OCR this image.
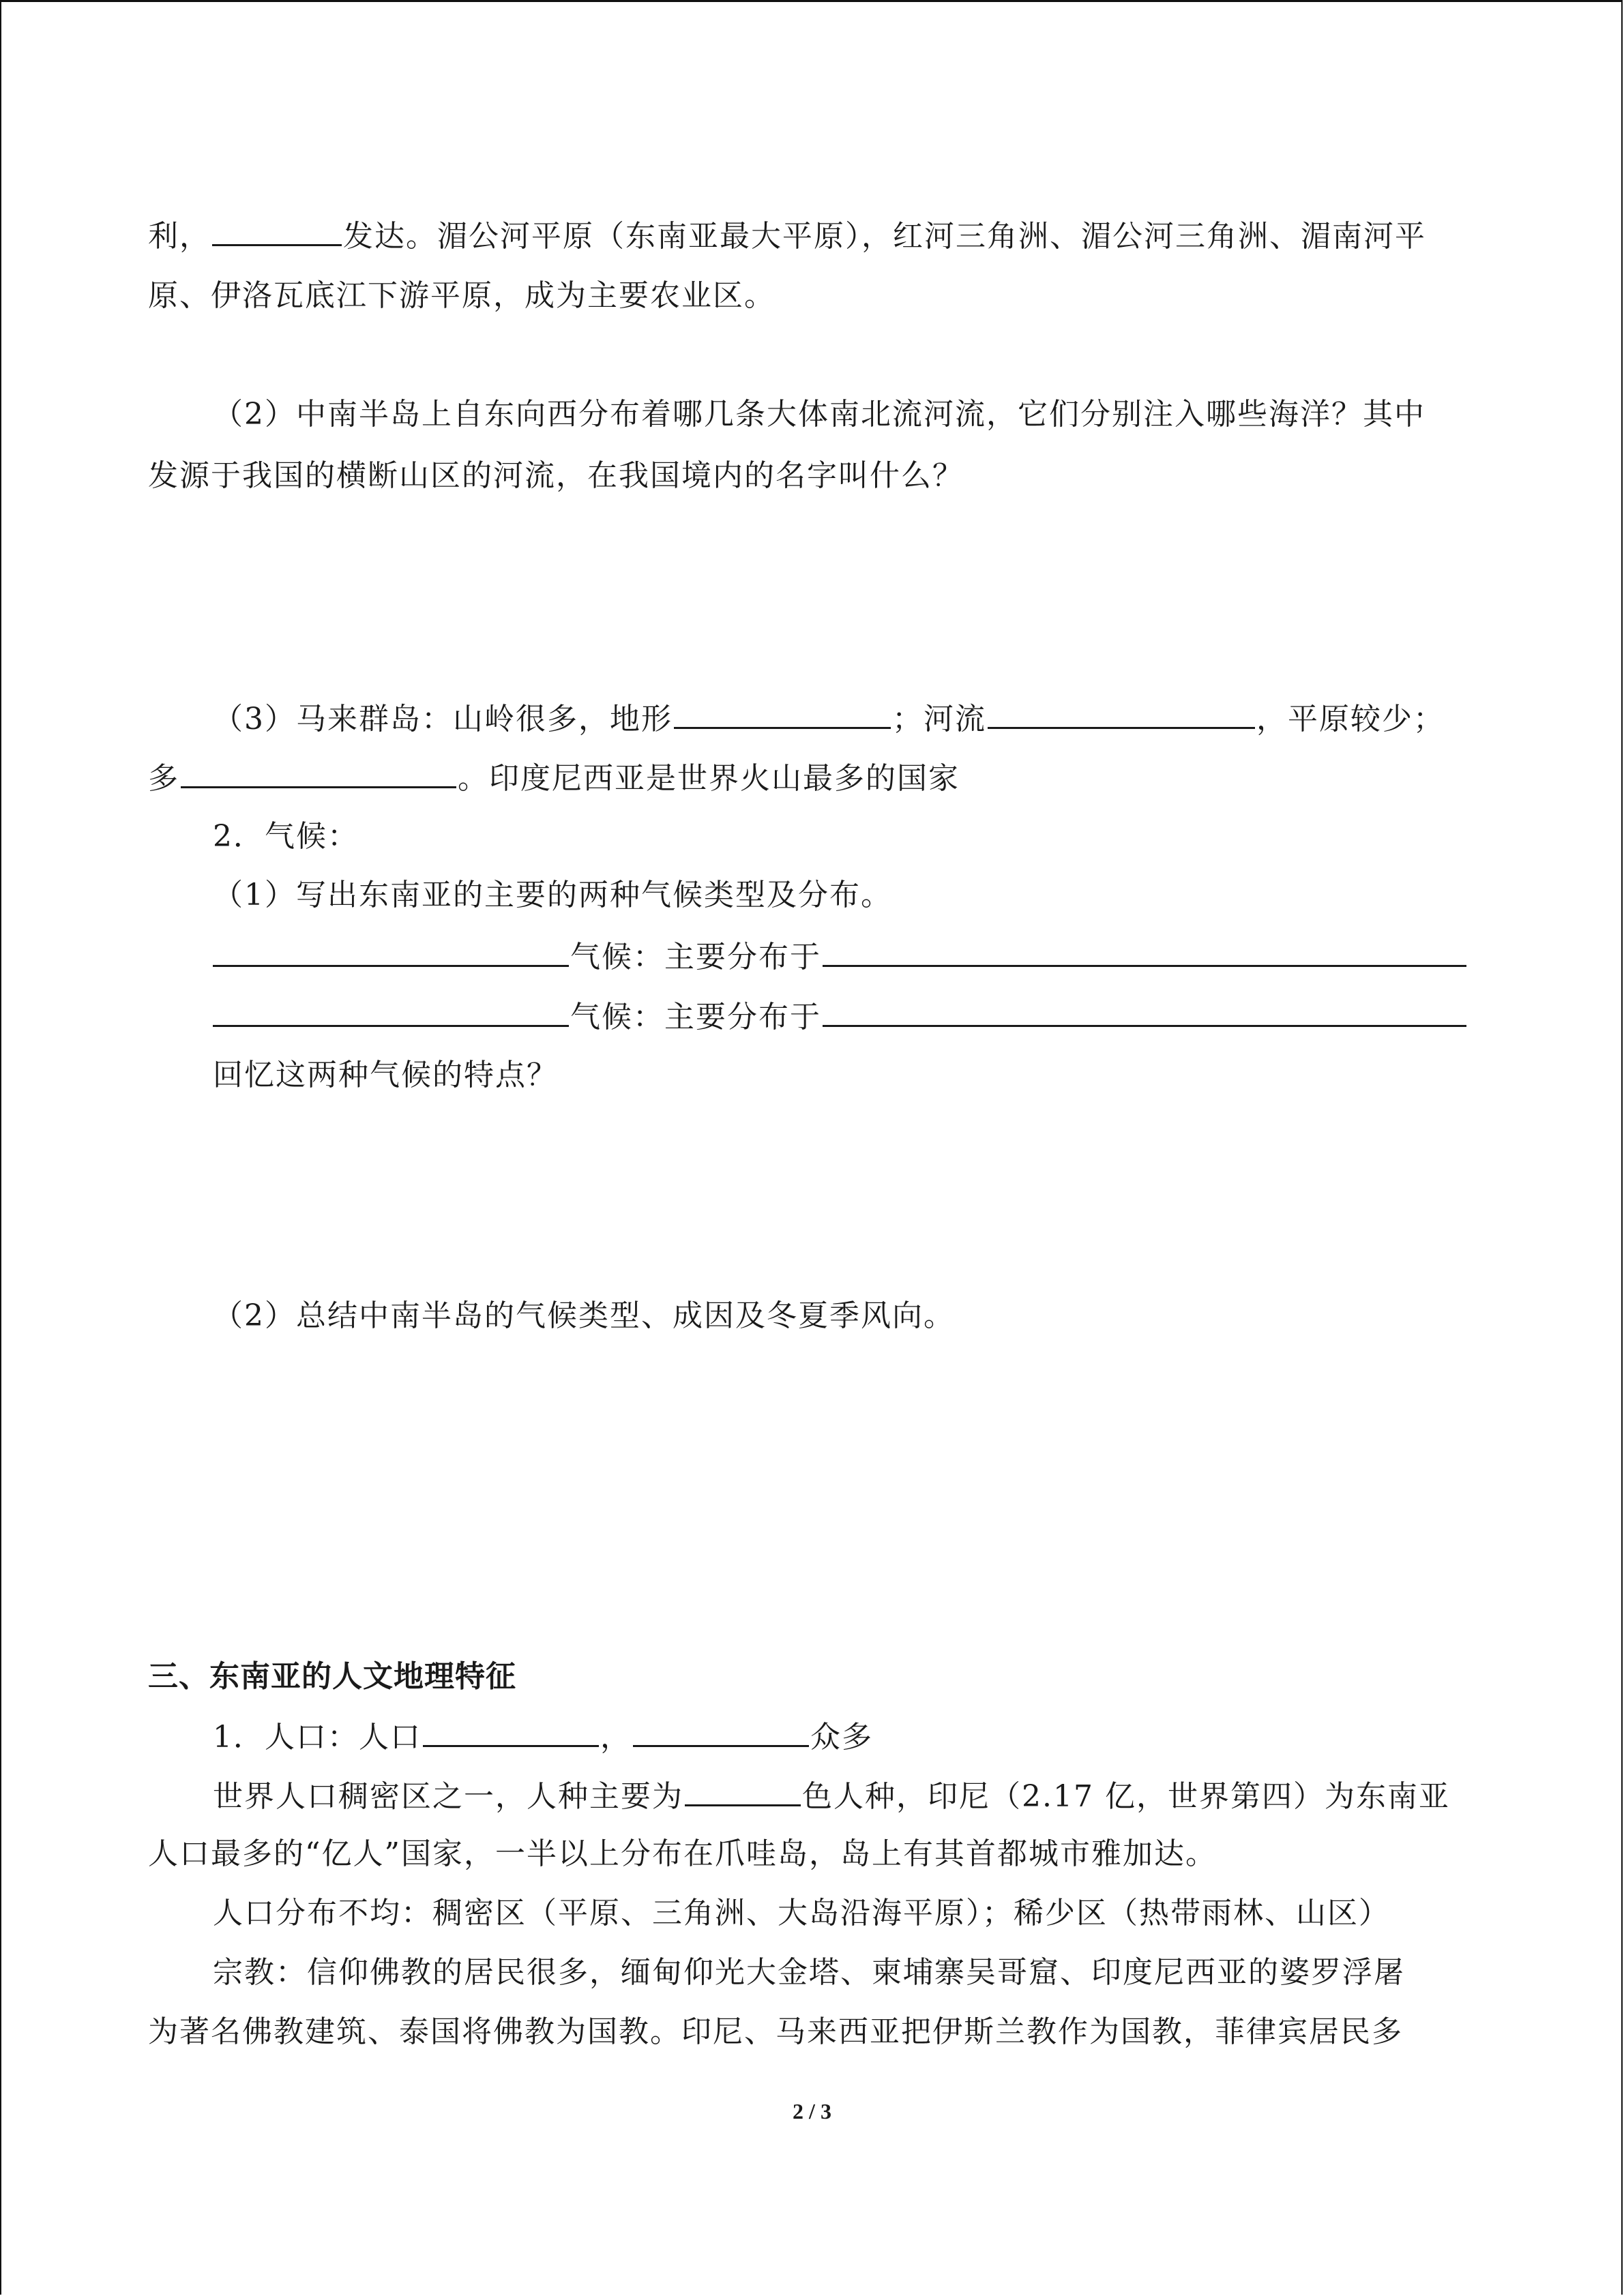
利，	发达。湄公河平原（东南亚最大平原），红河三角洲、湄公河三角洲、湄南河平
原、伊洛瓦底江下游平原，成为主要农业区。
（2）中南半岛上自东向西分布着哪几条大体南北流河流，它们分别注入哪些海洋？其中
发源于我国的横断山区的河流，在我国境内的名字叫什么？
（3）马来群岛：山岭很多，地形	；河流	，平原较少；
多	。印度尼西亚是世界火山最多的国家
2．气候：
（1）写出东南亚的主要的两种气候类型及分布。
气候：主要分布于
气候：主要分布于
回忆这两种气候的特点？
（2）总结中南半岛的气候类型、成因及冬夏季风向。
三、东南亚的人文地理特征
1．人口：人口	，	众多
世界人口稠密区之一，人种主要为	色人种，印尼（2.17 亿，世界第四）为东南亚
人口最多的“亿人”国家，一半以上分布在爪哇岛，岛上有其首都城市雅加达。
人口分布不均：稠密区（平原、三角洲、大岛沿海平原）；稀少区（热带雨林、山区）
宗教：信仰佛教的居民很多，缅甸仰光大金塔、柬埔寨吴哥窟、印度尼西亚的婆罗浮屠
为著名佛教建筑、泰国将佛教为国教。印尼、马来西亚把伊斯兰教作为国教，菲律宾居民多
2 / 3
